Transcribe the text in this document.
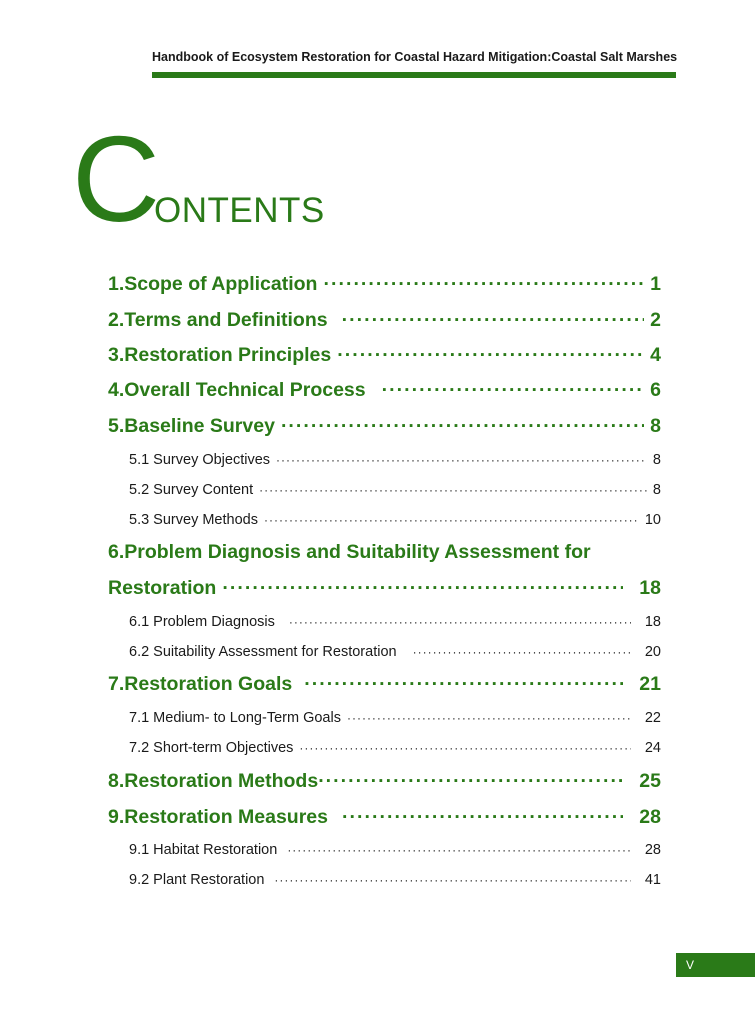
Handbook of Ecosystem Restoration for Coastal Hazard Mitigation:Coastal Salt Marshes
C
ONTENTS
1.Scope of Application ·····	1
2.Terms and Definitions ·····	2
3.Restoration Principles ·····	4
4.Overall Technical Process ·····	6
5.Baseline Survey ·····	8
5.1 Survey Objectives ·····	8
5.2 Survey Content ·····	8
5.3 Survey Methods ·····	10
6.Problem Diagnosis and Suitability Assessment for
Restoration ·····	18
6.1 Problem Diagnosis ·····	18
6.2 Suitability Assessment for Restoration ·····	20
7.Restoration Goals ·····	21
7.1 Medium- to Long-Term Goals ·····	22
7.2 Short-term Objectives ·····	24
8.Restoration Methods ·····	25
9.Restoration Measures ·····	28
9.1 Habitat Restoration ·····	28
9.2 Plant Restoration ·····	41
V
